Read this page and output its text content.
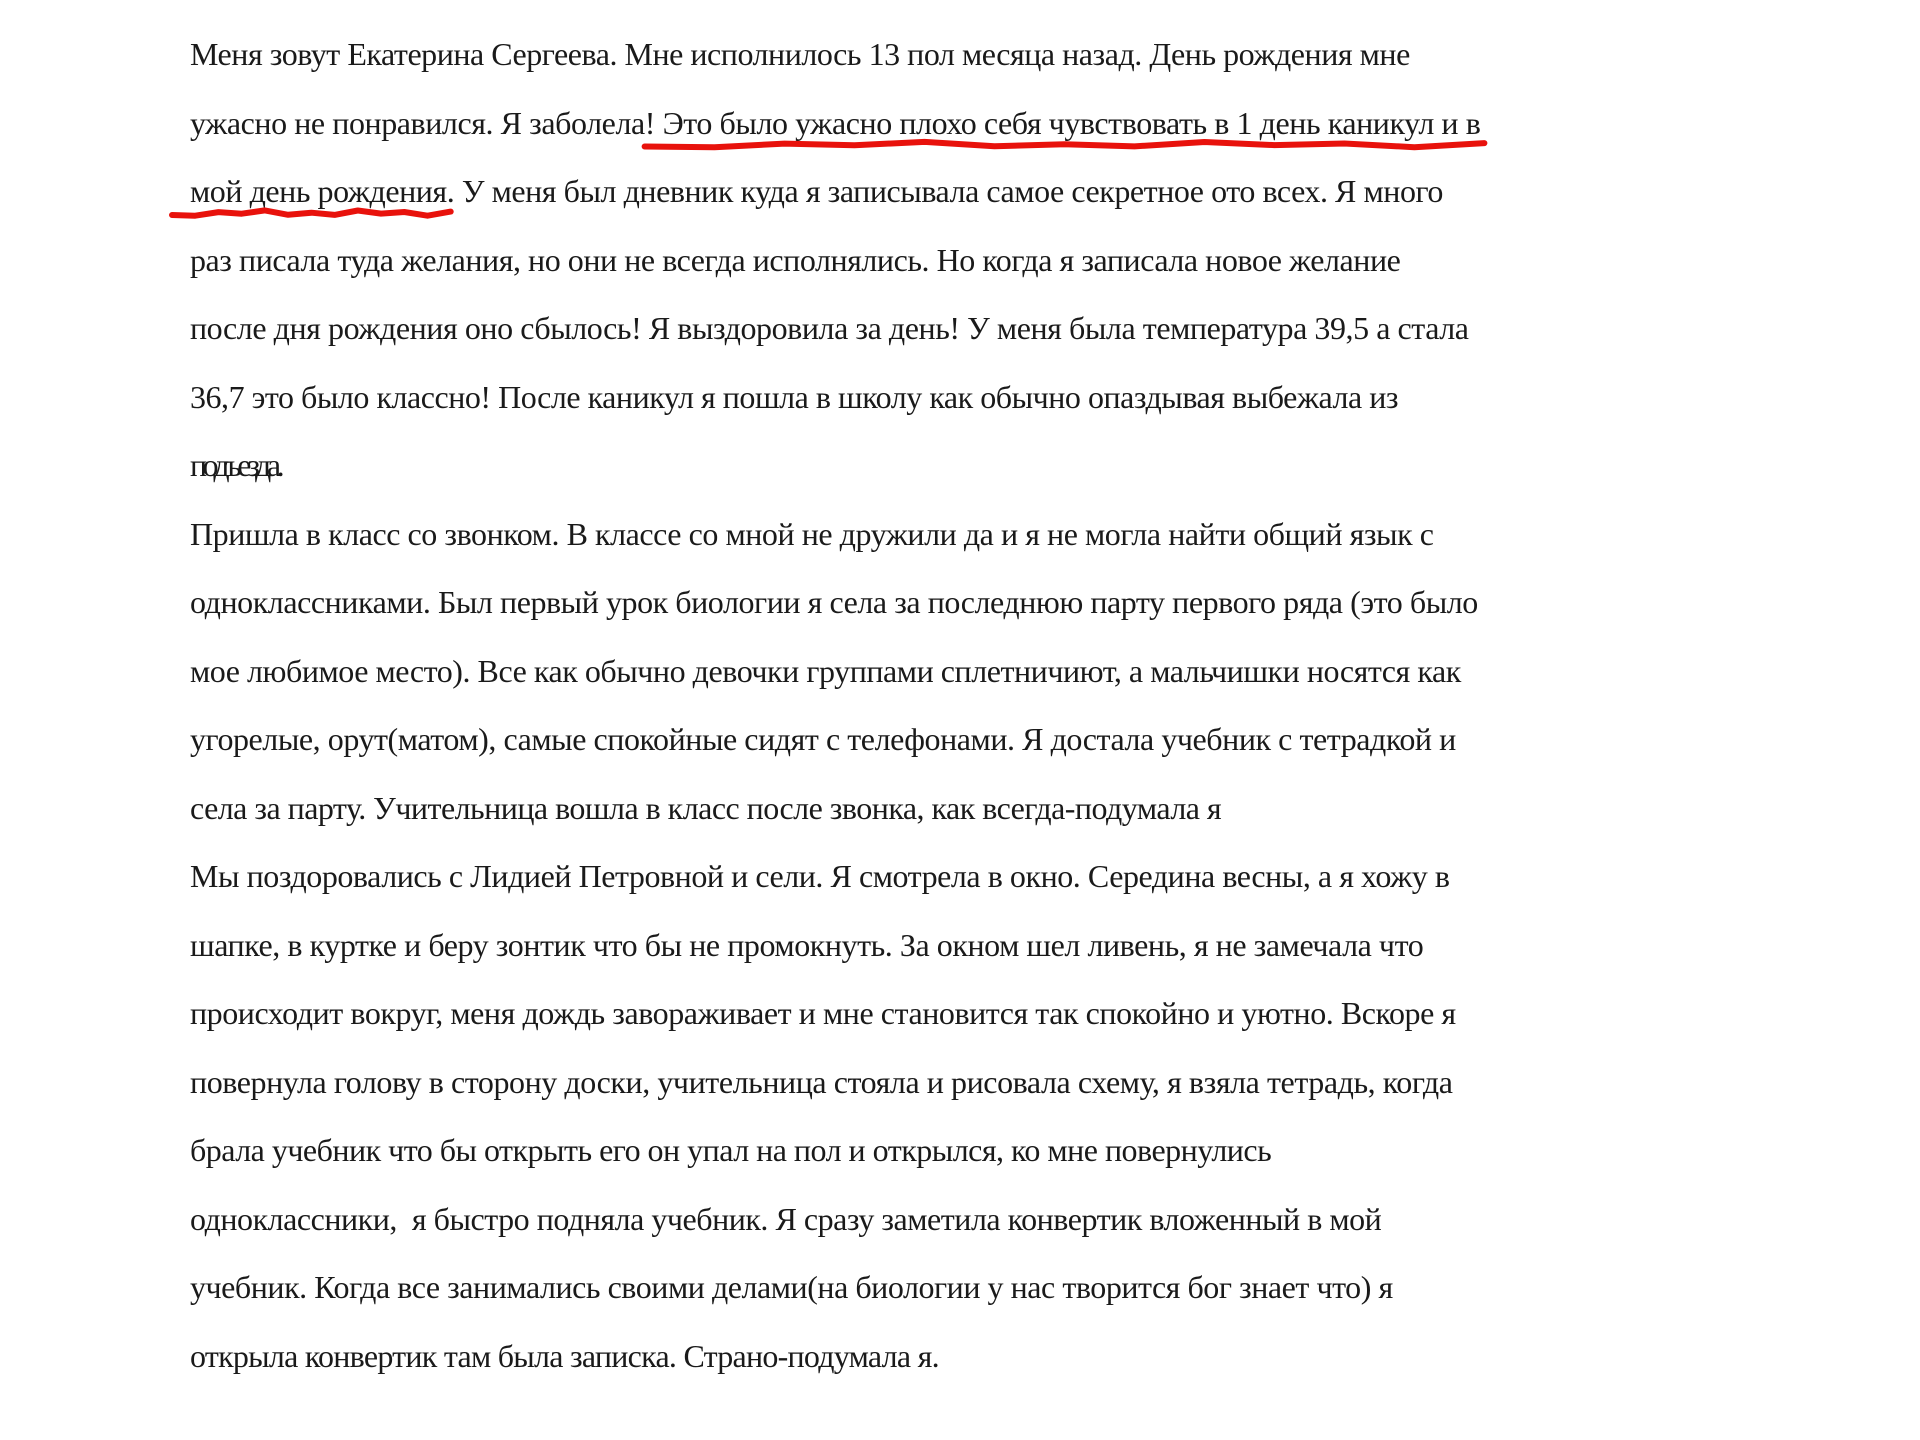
Меня зовут Екатерина Сергеева. Мне исполнилось 13 пол месяца назад. День рождения мне
ужасно не понравился. Я заболела! Это было ужасно плохо себя чувствовать в 1 день каникул и в
мой день рождения. У меня был дневник куда я записывала самое секретное ото всех. Я много
раз писала туда желания, но они не всегда исполнялись. Но когда я записала новое желание
после дня рождения оно сбылось! Я выздоровила за день! У меня была температура 39,5 а стала
36,7 это было классно! После каникул я пошла в школу как обычно опаздывая выбежала из
подъезда.
Пришла в класс со звонком. В классе со мной не дружили да и я не могла найти общий язык с
одноклассниками. Был первый урок биологии я села за последнюю парту первого ряда (это было
мое любимое место). Все как обычно девочки группами сплетничиют, а мальчишки носятся как
угорелые, орут(матом), самые спокойные сидят с телефонами. Я достала учебник с тетрадкой и
села за парту. Учительница вошла в класс после звонка, как всегда-подумала я
Мы поздоровались с Лидией Петровной и сели. Я смотрела в окно. Середина весны, а я хожу в
шапке, в куртке и беру зонтик что бы не промокнуть. За окном шел ливень, я не замечала что
происходит вокруг, меня дождь завораживает и мне становится так спокойно и уютно. Вскоре я
повернула голову в сторону доски, учительница стояла и рисовала схему, я взяла тетрадь, когда
брала учебник что бы открыть его он упал на пол и открылся, ко мне повернулись
одноклассники,  я быстро подняла учебник. Я сразу заметила конвертик вложенный в мой
учебник. Когда все занимались своими делами(на биологии у нас творится бог знает что) я
открыла конвертик там была записка. Страно-подумала я.
